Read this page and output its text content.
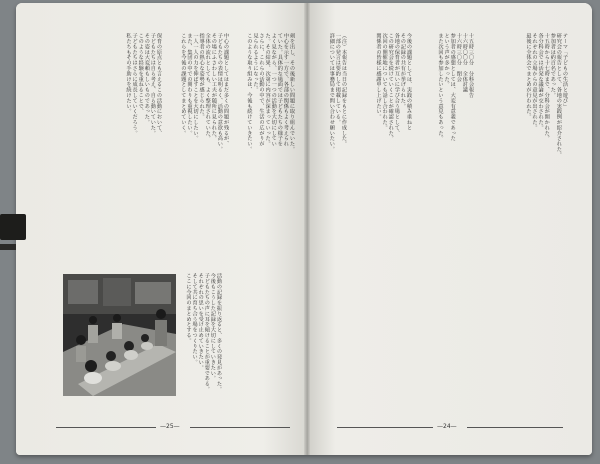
剣を出し、その後新しい問題に取り組んでいた。
中心を示す一方で、各部の関係もよく考えられ
ていた。具体的な場面では子どもたちの様子を
よく見ながら、一つ一つの活動を大切にしてい
た。その結果、次第に内容が深まっていった。
さらに、これらの活動の中で、生活の広がりが
見られるようになった。
このような取り組みは、今後も続けていきたい。
中心の課題としてはまだ多くの問題が残るが、
子どもたちの表情は明るく、活動の意欲も高い。
その場にふさわしい工夫が随所に見られた。
全体の流れとしても、よく整理されていた。
指導者の熱心な姿勢が感じられた。
一人一人の力を伸ばすことを大切にしたい。
また、集団の中での関わりも重視したい。
これらを今後の課題としてまとめていく。
保育の原点とも言えるこの活動において、
子どもたちは自ら考え、自ら動いていた。
その姿は大変頼もしいものであった。
このような経験を重ねることで、
子どもたちはさらに成長していくだろう。
私たちもその手助けを続けたい。
活動の記録を振り返ると、多くの発見があった。
今後もこうした記録を大切にしていきたい。
子どもたちの声に耳を傾けることが重要である。
それぞれの思いを受け止めていきたい。
そして共に育ち合う場をつくりたい。
ここに今回のまとめとする。
—25—
テーマ「子どもの生活と遊び」
研究会の報告として、各地の実践例が紹介された。
参加者は約百名であった。
十五時から十七時まで、分科会が開かれた。
各分科会では活発な議論が交わされた。
それぞれの立場からの意見が出された。
最後に全体会でまとめが行われた。
十五時三〇分　分科会報告
十六時〇〇分　全体討議
十六時三〇分　閉会
参加者の感想としては、大変有意義であった
という声が多かった。
また次回も参加したいという意見もあった。
今後の課題としては、実践の積み重ねと
その記録の共有が挙げられた。
各地の保育者が互いに学び合う場として、
この研究会を続けていくことが確認された。
次回の開催地についても話し合われた。
関係者の皆様に感謝申し上げたい。
（注）本報告は当日の記録をもとに作成した。
一部の発言は要約して掲載している。
詳細については事務局まで問い合わせ願いたい。
—24—
